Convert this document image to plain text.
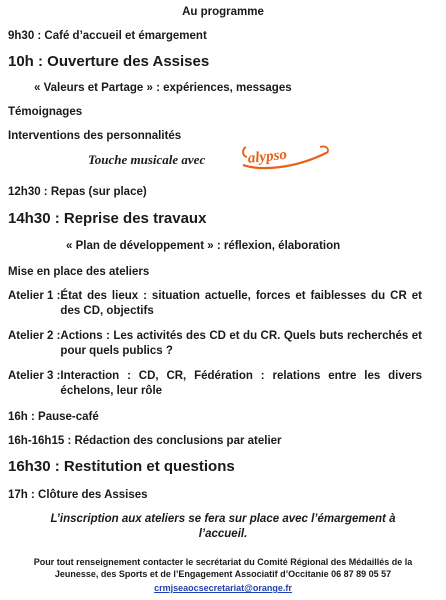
Au programme
9h30 : Café d’accueil et émargement
10h : Ouverture des Assises
« Valeurs et Partage » : expériences, messages
Témoignages
Interventions des personnalités
Touche musicale avec	alypso
12h30 : Repas (sur place)
14h30 : Reprise des travaux
« Plan de développement » : réflexion, élaboration
Mise en place des ateliers
Atelier 1 : État des lieux : situation actuelle, forces et faiblesses du CR et des CD, objectifs
Atelier 2 : Actions : Les activités des CD et du CR. Quels buts recherchés et pour quels publics ?
Atelier 3 : Interaction : CD, CR, Fédération : relations entre les divers échelons, leur rôle
16h : Pause-café
16h-16h15 : Rédaction des conclusions par atelier
16h30 : Restitution et questions
17h : Clôture des Assises
L’inscription aux ateliers se fera sur place avec l’émargement à l’accueil.
Pour tout renseignement contacter le secrétariat du Comité Régional des Médaillés de la Jeunesse, des Sports et de l’Engagement Associatif d’Occitanie 06 87 89 05 57
crmjseaocsecretariat@orange.fr
